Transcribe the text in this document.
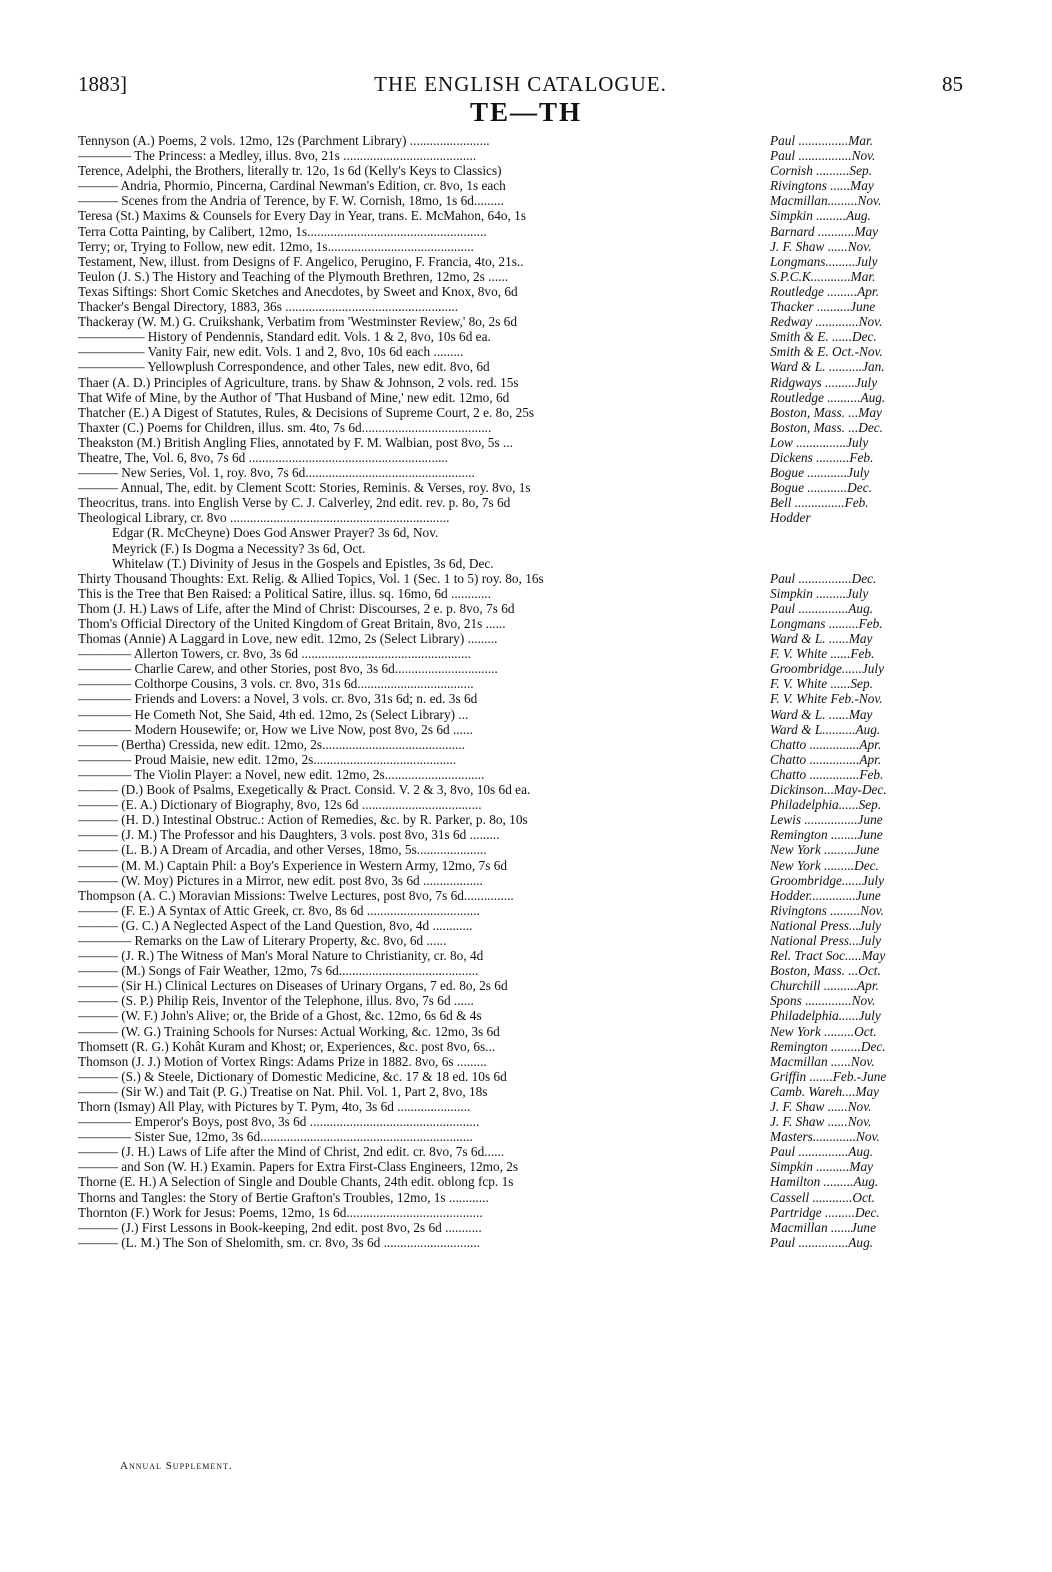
1883]	THE ENGLISH CATALOGUE.	85
TE—TH
Tennyson (A.) Poems, 2 vols. 12mo, 12s (Parchment Library) ........................	Paul ...............Mar.
———— The Princess: a Medley, illus. 8vo, 21s ........................................	Paul ................Nov.
Terence, Adelphi, the Brothers, literally tr. 12o, 1s 6d (Kelly's Keys to Classics)	Cornish ..........Sep.
——— Andria, Phormio, Pincerna, Cardinal Newman's Edition, cr. 8vo, 1s each	Rivingtons ......May
——— Scenes from the Andria of Terence, by F. W. Cornish, 18mo, 1s 6d.........	Macmillan.........Nov.
Teresa (St.) Maxims & Counsels for Every Day in Year, trans. E. McMahon, 64o, 1s	Simpkin .........Aug.
Terra Cotta Painting, by Calibert, 12mo, 1s......................................................	Barnard ...........May
Terry; or, Trying to Follow, new edit. 12mo, 1s............................................	J. F. Shaw ......Nov.
Testament, New, illust. from Designs of F. Angelico, Perugino, F. Francia, 4to, 21s..	Longmans.........July
Teulon (J. S.) The History and Teaching of the Plymouth Brethren, 12mo, 2s ......	S.P.C.K............Mar.
Texas Siftings: Short Comic Sketches and Anecdotes, by Sweet and Knox, 8vo, 6d	Routledge .........Apr.
Thacker's Bengal Directory, 1883, 36s ....................................................	Thacker ..........June
Thackeray (W. M.) G. Cruikshank, Verbatim from 'Westminster Review,' 8o, 2s 6d	Redway .............Nov.
————— History of Pendennis, Standard edit. Vols. 1 & 2, 8vo, 10s 6d ea.	Smith & E. ......Dec.
————— Vanity Fair, new edit. Vols. 1 and 2, 8vo, 10s 6d each .........	Smith & E. Oct.-Nov.
————— Yellowplush Correspondence, and other Tales, new edit. 8vo, 6d	Ward & L. ..........Jan.
Thaer (A. D.) Principles of Agriculture, trans. by Shaw & Johnson, 2 vols. red. 15s	Ridgways .........July
That Wife of Mine, by the Author of 'That Husband of Mine,' new edit. 12mo, 6d	Routledge ..........Aug.
Thatcher (E.) A Digest of Statutes, Rules, & Decisions of Supreme Court, 2 e. 8o, 25s	Boston, Mass. ...May
Thaxter (C.) Poems for Children, illus. sm. 4to, 7s 6d.......................................	Boston, Mass. ...Dec.
Theakston (M.) British Angling Flies, annotated by F. M. Walbian, post 8vo, 5s ...	Low ...............July
Theatre, The, Vol. 6, 8vo, 7s 6d ............................................................	Dickens ..........Feb.
——— New Series, Vol. 1, roy. 8vo, 7s 6d...................................................	Bogue ............July
——— Annual, The, edit. by Clement Scott: Stories, Reminis. & Verses, roy. 8vo, 1s	Bogue ............Dec.
Theocritus, trans. into English Verse by C. J. Calverley, 2nd edit. rev. p. 8o, 7s 6d	Bell ...............Feb.
Theological Library, cr. 8vo ..................................................................	Hodder
Edgar (R. McCheyne) Does God Answer Prayer? 3s 6d, Nov.
Meyrick (F.) Is Dogma a Necessity? 3s 6d, Oct.
Whitelaw (T.) Divinity of Jesus in the Gospels and Epistles, 3s 6d, Dec.
Thirty Thousand Thoughts: Ext. Relig. & Allied Topics, Vol. 1 (Sec. 1 to 5) roy. 8o, 16s	Paul ................Dec.
This is the Tree that Ben Raised: a Political Satire, illus. sq. 16mo, 6d ............	Simpkin .........July
Thom (J. H.) Laws of Life, after the Mind of Christ: Discourses, 2 e. p. 8vo, 7s 6d	Paul ...............Aug.
Thom's Official Directory of the United Kingdom of Great Britain, 8vo, 21s ......	Longmans .........Feb.
Thomas (Annie) A Laggard in Love, new edit. 12mo, 2s (Select Library) .........	Ward & L. ......May
———— Allerton Towers, cr. 8vo, 3s 6d ...................................................	F. V. White ......Feb.
———— Charlie Carew, and other Stories, post 8vo, 3s 6d...............................	Groombridge......July
———— Colthorpe Cousins, 3 vols. cr. 8vo, 31s 6d...................................	F. V. White ......Sep.
———— Friends and Lovers: a Novel, 3 vols. cr. 8vo, 31s 6d; n. ed. 3s 6d	F. V. White Feb.-Nov.
———— He Cometh Not, She Said, 4th ed. 12mo, 2s (Select Library) ...	Ward & L. ......May
———— Modern Housewife; or, How we Live Now, post 8vo, 2s 6d ......	Ward & L..........Aug.
——— (Bertha) Cressida, new edit. 12mo, 2s...........................................	Chatto ...............Apr.
———— Proud Maisie, new edit. 12mo, 2s...........................................	Chatto ...............Apr.
———— The Violin Player: a Novel, new edit. 12mo, 2s..............................	Chatto ...............Feb.
——— (D.) Book of Psalms, Exegetically & Pract. Consid. V. 2 & 3, 8vo, 10s 6d ea.	Dickinson...May-Dec.
——— (E. A.) Dictionary of Biography, 8vo, 12s 6d ....................................	Philadelphia......Sep.
——— (H. D.) Intestinal Obstruc.: Action of Remedies, &c. by R. Parker, p. 8o, 10s	Lewis ................June
——— (J. M.) The Professor and his Daughters, 3 vols. post 8vo, 31s 6d .........	Remington ........June
——— (L. B.) A Dream of Arcadia, and other Verses, 18mo, 5s.....................	New York .........June
——— (M. M.) Captain Phil: a Boy's Experience in Western Army, 12mo, 7s 6d	New York .........Dec.
——— (W. Moy) Pictures in a Mirror, new edit. post 8vo, 3s 6d ..................	Groombridge......July
Thompson (A. C.) Moravian Missions: Twelve Lectures, post 8vo, 7s 6d...............	Hodder..............June
——— (F. E.) A Syntax of Attic Greek, cr. 8vo, 8s 6d ..................................	Rivingtons .........Nov.
——— (G. C.) A Neglected Aspect of the Land Question, 8vo, 4d ............	National Press...July
———— Remarks on the Law of Literary Property, &c. 8vo, 6d ......	National Press...July
——— (J. R.) The Witness of Man's Moral Nature to Christianity, cr. 8o, 4d	Rel. Tract Soc.....May
——— (M.) Songs of Fair Weather, 12mo, 7s 6d..........................................	Boston, Mass. ...Oct.
——— (Sir H.) Clinical Lectures on Diseases of Urinary Organs, 7 ed. 8o, 2s 6d	Churchill ..........Apr.
——— (S. P.) Philip Reis, Inventor of the Telephone, illus. 8vo, 7s 6d ......	Spons ..............Nov.
——— (W. F.) John's Alive; or, the Bride of a Ghost, &c. 12mo, 6s 6d & 4s	Philadelphia......July
——— (W. G.) Training Schools for Nurses: Actual Working, &c. 12mo, 3s 6d	New York .........Oct.
Thomsett (R. G.) Kohât Kuram and Khost; or, Experiences, &c. post 8vo, 6s...	Remington .........Dec.
Thomson (J. J.) Motion of Vortex Rings: Adams Prize in 1882. 8vo, 6s .........	Macmillan ......Nov.
——— (S.) & Steele, Dictionary of Domestic Medicine, &c. 17 & 18 ed. 10s 6d	Griffin .......Feb.-June
——— (Sir W.) and Tait (P. G.) Treatise on Nat. Phil. Vol. 1, Part 2, 8vo, 18s	Camb. Wareh....May
Thorn (Ismay) All Play, with Pictures by T. Pym, 4to, 3s 6d ......................	J. F. Shaw ......Nov.
———— Emperor's Boys, post 8vo, 3s 6d ...................................................	J. F. Shaw ......Nov.
———— Sister Sue, 12mo, 3s 6d................................................................	Masters.............Nov.
——— (J. H.) Laws of Life after the Mind of Christ, 2nd edit. cr. 8vo, 7s 6d......	Paul ...............Aug.
——— and Son (W. H.) Examin. Papers for Extra First-Class Engineers, 12mo, 2s	Simpkin ..........May
Thorne (E. H.) A Selection of Single and Double Chants, 24th edit. oblong fcp. 1s	Hamilton .........Aug.
Thorns and Tangles: the Story of Bertie Grafton's Troubles, 12mo, 1s ............	Cassell ............Oct.
Thornton (F.) Work for Jesus: Poems, 12mo, 1s 6d.........................................	Partridge .........Dec.
——— (J.) First Lessons in Book-keeping, 2nd edit. post 8vo, 2s 6d ...........	Macmillan ......June
——— (L. M.) The Son of Shelomith, sm. cr. 8vo, 3s 6d .............................	Paul ...............Aug.
Annual Supplement.
